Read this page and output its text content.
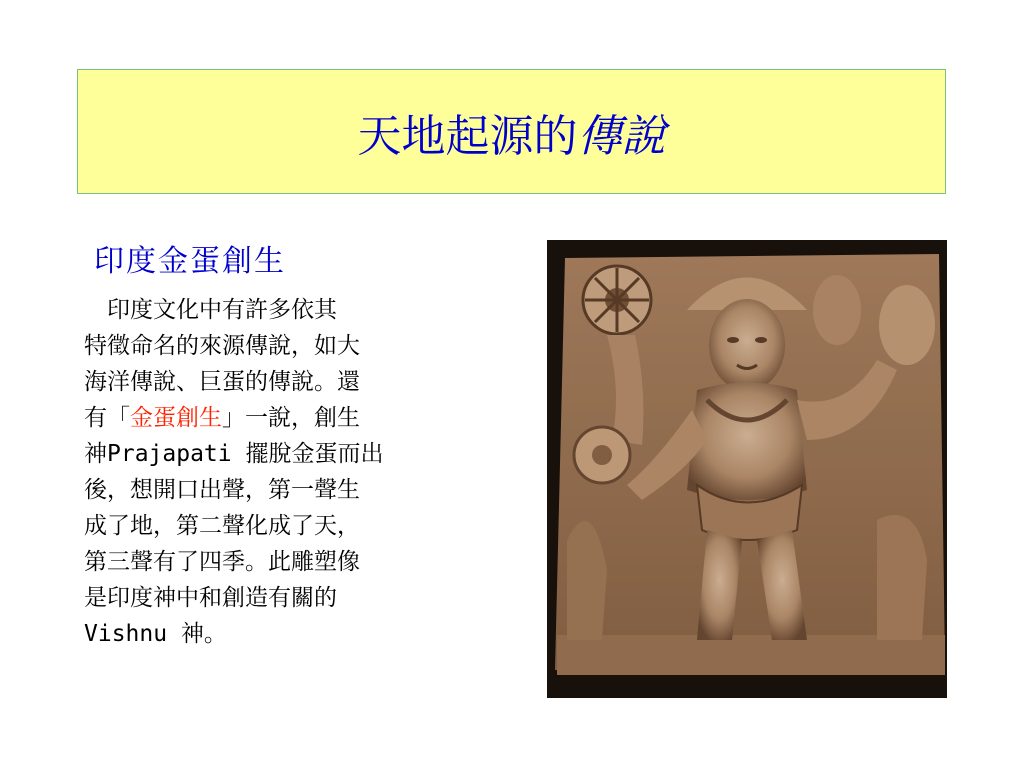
天地起源的傳說
印度金蛋創生
　印度文化中有許多依其
特徵命名的來源傳說，如大
海洋傳說、巨蛋的傳說。還
有「金蛋創生」一說，創生
神Prajapati 擺脫金蛋而出
後，想開口出聲，第一聲生
成了地，第二聲化成了天，
第三聲有了四季。此雕塑像
是印度神中和創造有關的
Vishnu 神。
